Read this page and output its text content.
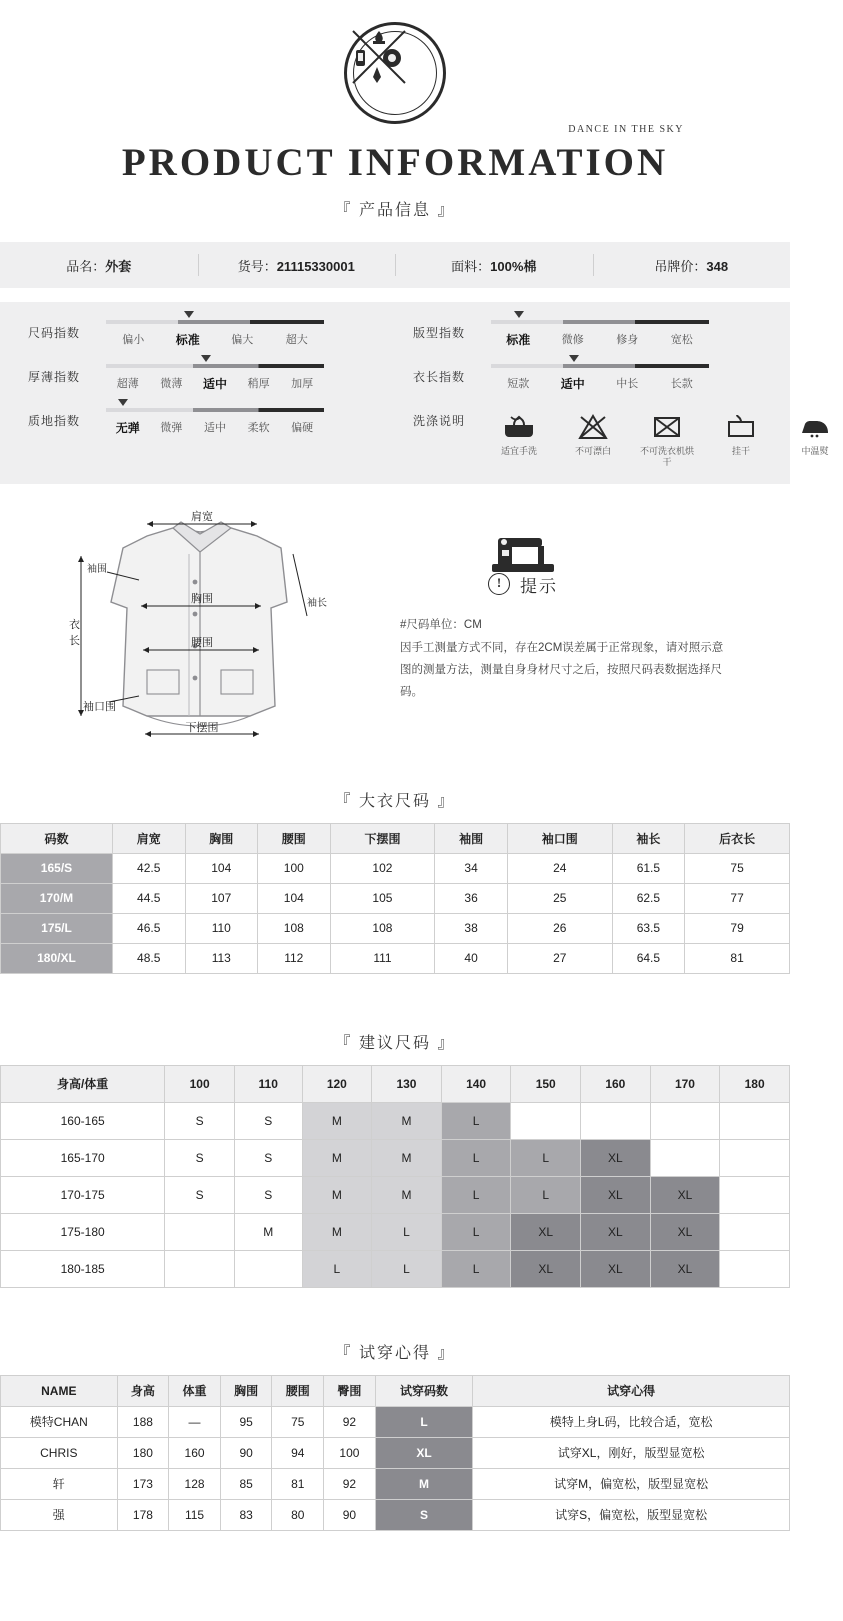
DANCE IN THE SKY
PRODUCT INFORMATION
『 产品信息 』
品名：外套	货号：21115330001	面料：100%棉	吊牌价：348
尺码指数	偏小	标准	偏大	超大
厚薄指数	超薄	微薄	适中	稍厚	加厚
质地指数	无弹	微弹	适中	柔软	偏硬
版型指数	标准	微修	修身	宽松
衣长指数	短款	适中	中长	长款
洗涤说明
适宜手洗	不可漂白	不可洗衣机烘干
挂干	中温熨
肩宽
袖围
袖长
衣
长
胸围
腰围
袖口围
下摆围
!	提示
#尺码单位：CM
因手工测量方式不同，存在2CM误差属于正常现象，请对照示意图的测量方法，测量自身身材尺寸之后，按照尺码表数据选择尺码。
『 大衣尺码 』
码数	肩宽	胸围	腰围	下摆围	袖围	袖口围	袖长	后衣长
165/S	42.5	104	100	102	34	24	61.5	75
170/M	44.5	107	104	105	36	25	62.5	77
175/L	46.5	110	108	108	38	26	63.5	79
180/XL	48.5	113	112	111	40	27	64.5	81
『 建议尺码 』
身高/体重	100	110	120	130	140	150	160	170	180
160-165	S	S	M	M	L				
165-170	S	S	M	M	L	L	XL		
170-175	S	S	M	M	L	L	XL	XL	
175-180		M	M	L	L	XL	XL	XL	
180-185			L	L	L	XL	XL	XL	
『 试穿心得 』
NAME	身高	体重	胸围	腰围	臀围	试穿码数	试穿心得
模特CHAN	188	—	95	75	92	L	模特上身L码，比较合适，宽松
CHRIS	180	160	90	94	100	XL	试穿XL，刚好，版型显宽松
轩	173	128	85	81	92	M	试穿M，偏宽松，版型显宽松
强	178	115	83	80	90	S	试穿S，偏宽松，版型显宽松
